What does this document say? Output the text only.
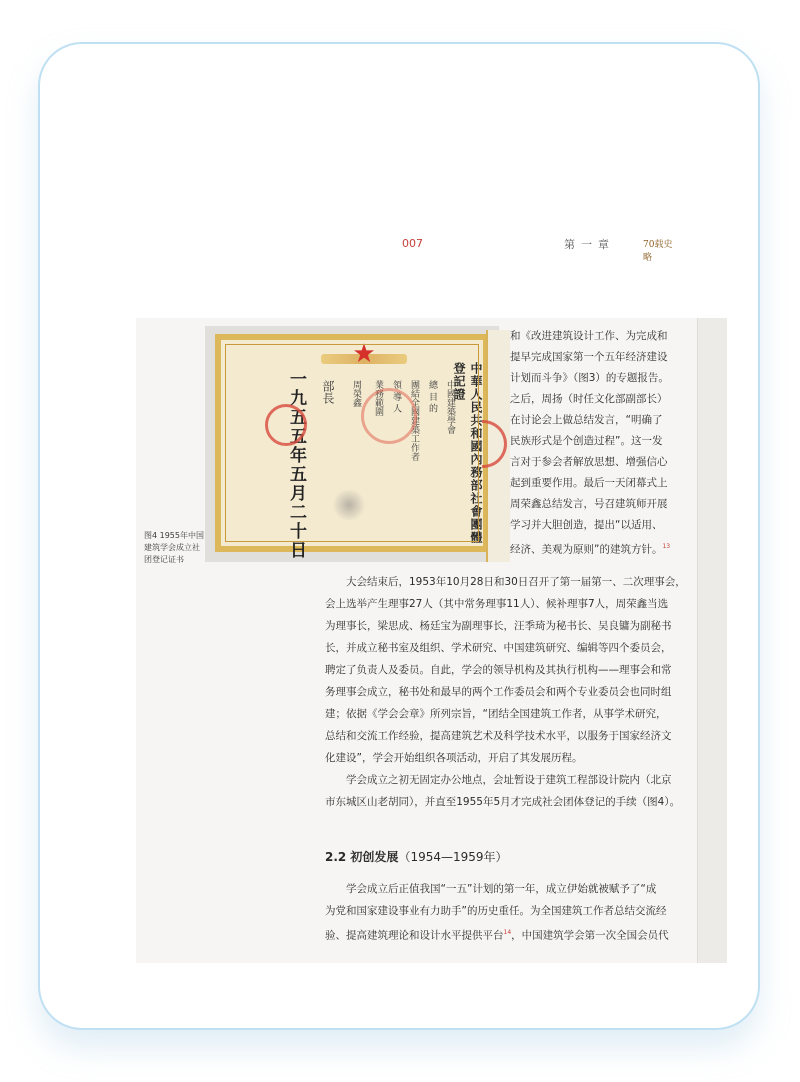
007	第一章	70载史略
★
中華人民共和國內務部社會團體登記證
中國建築學會
總 目 的
團結全國建築工作者
領 導 人
業務範圍
周榮鑫
部長
一九五五年五月二十日
图4 1955年中国
建筑学会成立社
团登记证书
和《改进建筑设计工作、为完成和
提早完成国家第一个五年经济建设
计划而斗争》（图3）的专题报告。
之后，周扬（时任文化部副部长）
在讨论会上做总结发言，“明确了
民族形式是个创造过程”。这一发
言对于参会者解放思想、增强信心
起到重要作用。最后一天闭幕式上
周荣鑫总结发言，号召建筑师开展
学习并大胆创造，提出“以适用、
经济、美观为原则”的建筑方针。$^{13}$
大会结束后，1953年10月28日和30日召开了第一届第一、二次理事会，
会上选举产生理事27人（其中常务理事11人）、候补理事7人，周荣鑫当选
为理事长，梁思成、杨廷宝为副理事长，汪季琦为秘书长、吴良镛为副秘书
长，并成立秘书室及组织、学术研究、中国建筑研究、编辑等四个委员会，
聘定了负责人及委员。自此，学会的领导机构及其执行机构——理事会和常
务理事会成立，秘书处和最早的两个工作委员会和两个专业委员会也同时组
建；依据《学会会章》所列宗旨，“团结全国建筑工作者，从事学术研究，
总结和交流工作经验，提高建筑艺术及科学技术水平，以服务于国家经济文
化建设”，学会开始组织各项活动，开启了其发展历程。
学会成立之初无固定办公地点，会址暂设于建筑工程部设计院内（北京
市东城区山老胡同），并直至1955年5月才完成社会团体登记的手续（图4）。
2.2 初创发展（1954—1959年）
学会成立后正值我国“一五”计划的第一年，成立伊始就被赋予了“成
为党和国家建设事业有力助手”的历史重任。为全国建筑工作者总结交流经
验、提高建筑理论和设计水平提供平台$^{14}$，中国建筑学会第一次全国会员代
